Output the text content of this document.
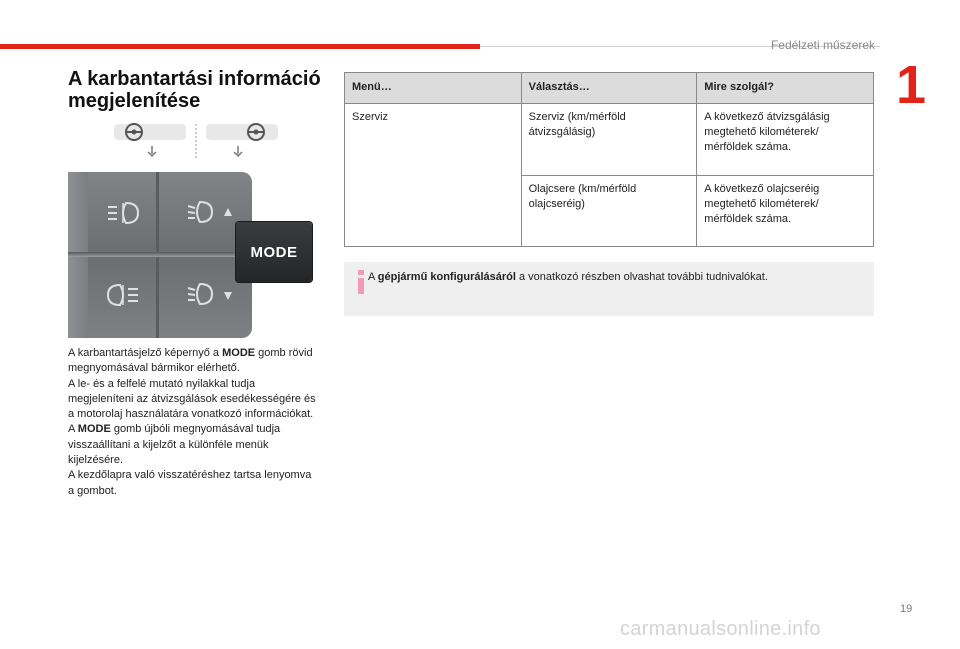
Fedélzeti műszerek
1
A karbantartási információ megjelenítése
MODE

A karbantartásjelző képernyő a MODE gomb rövid megnyomásával bármikor elérhető.

A le- és a felfelé mutató nyilakkal tudja megjeleníteni az átvizsgálások esedékességére és a motorolaj használatára vonatkozó információkat.

A MODE gomb újbóli megnyomásával tudja visszaállítani a kijelzőt a különféle menük kijelzésére.

A kezdőlapra való visszatéréshez tartsa lenyomva a gombot.

Menü…	Választás…	Mire szolgál?
Szerviz	Szerviz (km/mérföld átvizsgálásig)	A következő átvizsgálásig megtehető kilométerek/ mérföldek száma.
	Olajcsere (km/mérföld olajcseréig)	A következő olajcseréig megtehető kilométerek/ mérföldek száma.
A gépjármű konfigurálásáról a vonatkozó részben olvashat további tudnivalókat.
19
carmanualsonline.info
